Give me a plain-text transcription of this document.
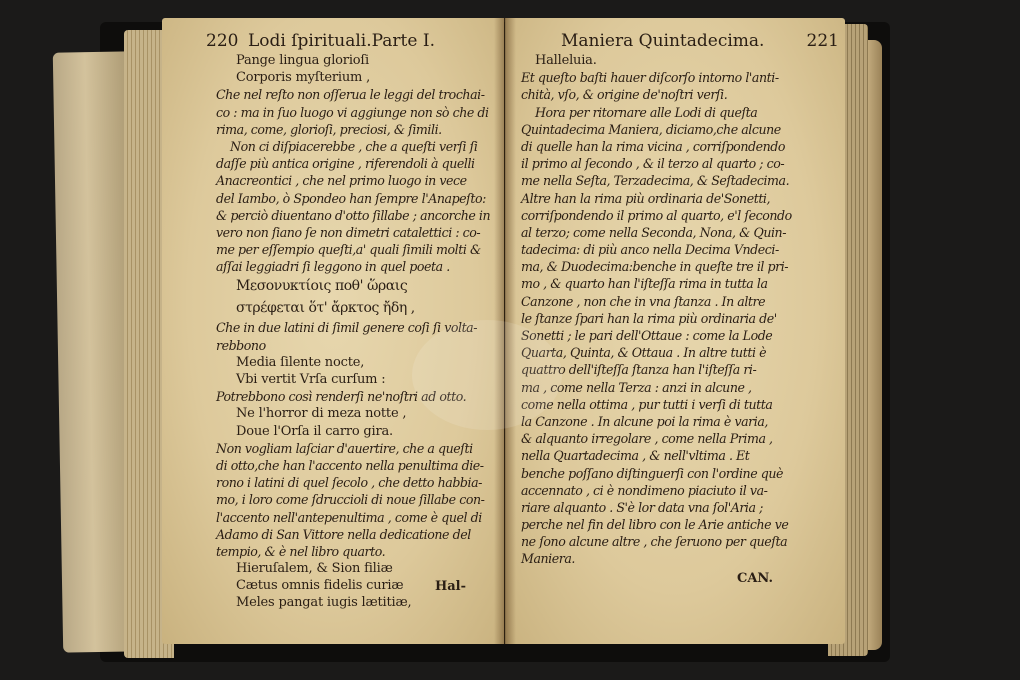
220 Lodi ſpirituali.Parte I.
Pange lingua glorioſi
Corporis myſterium ,
Che nel reſto non oſſerua le leggi del trochai-
co : ma in ſuo luogo vi aggiunge non sò che di
rima, come, glorioſi, preciosi, & ſimili.
Non ci diſpiacerebbe , che a queſti verſi ſi
daſſe più antica origine , riferendoli à quelli
Anacreontici , che nel primo luogo in vece
del Iambo, ò Spondeo han ſempre l'Anapeſto:
& perciò diuentano d'otto ſillabe ; ancorche in
vero non ſiano ſe non dimetri catalettici : co-
me per eſſempio queſti,a' quali ſimili molti &
aſſai leggiadri ſi leggono in quel poeta .
Μεσονυκτίοις ποθ' ὥραις
στρέφεται ὅτ' ἄρκτος ἤδη ,
Che in due latini di ſimil genere coſi ſi volta-
rebbono
Media ſilente nocte,
Vbi vertit Vrſa curſum :
Potrebbono così renderſi ne'noſtri ad otto.
Ne l'horror di meza notte ,
Doue l'Orſa il carro gira.
Non vogliam laſciar d'auertire, che a queſti
di otto,che han l'accento nella penultima die-
rono i latini di quel ſecolo , che detto habbia-
mo, i loro come ſdruccioli di noue ſillabe con-
l'accento nell'antepenultima , come è quel di
Adamo di San Vittore nella dedicatione del
tempio, & è nel libro quarto.
Hieruſalem, & Sion filiæ
Cætus omnis fidelis curiæ
Meles pangat iugis lætitiæ,
Hal-
Maniera Quintadecima. 221
Halleluia.
Et queſto baſti hauer diſcorſo intorno l'anti-
chità, vſo, & origine de'noſtri verſi.
Hora per ritornare alle Lodi di queſta
Quintadecima Maniera, diciamo,che alcune
di quelle han la rima vicina , corriſpondendo
il primo al ſecondo , & il terzo al quarto ; co-
me nella Seſta, Terzadecima, & Seſtadecima.
Altre han la rima più ordinaria de'Sonetti,
corriſpondendo il primo al quarto, e'l ſecondo
al terzo; come nella Seconda, Nona, & Quin-
tadecima: di più anco nella Decima Vndeci-
ma, & Duodecima:benche in queſte tre il pri-
mo , & quarto han l'iſteſſa rima in tutta la
Canzone , non che in vna ſtanza . In altre
le ſtanze ſpari han la rima più ordinaria de'
Sonetti ; le pari dell'Ottaue : come la Lode
Quarta, Quinta, & Ottaua . In altre tutti è
quattro dell'iſteſſa ſtanza han l'iſteſſa ri-
ma , come nella Terza : anzi in alcune ,
come nella ottima , pur tutti i verſi di tutta
la Canzone . In alcune poi la rima è varia,
& alquanto irregolare , come nella Prima ,
nella Quartadecima , & nell'vltima . Et
benche poſſano diſtinguerſi con l'ordine què
accennato , ci è nondimeno piaciuto il va-
riare alquanto . S'è lor data vna ſol'Aria ;
perche nel fin del libro con le Arie antiche ve
ne ſono alcune altre , che ſeruono per queſta
Maniera.
CAN.
